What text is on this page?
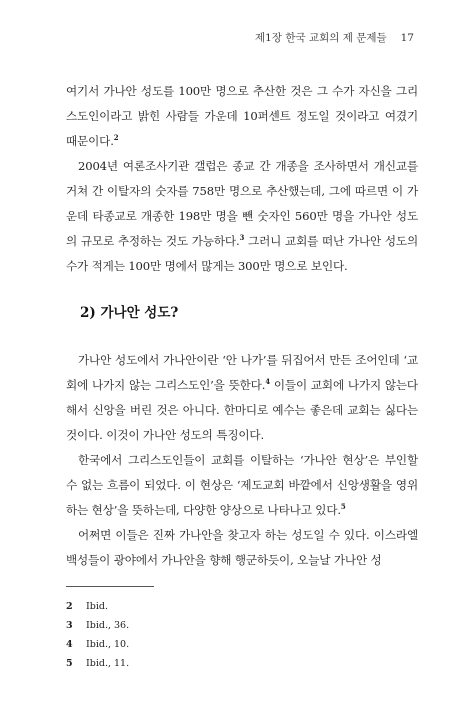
제1장 한국 교회의 제 문제들 17

여기서 가나안 성도를 100만 명으로 추산한 것은 그 수가 자신을 그리스도인이라고 밝힌 사람들 가운데 10퍼센트 정도일 것이라고 여겼기 때문이다.$^2$

2004년 여론조사기관 갤럽은 종교 간 개종을 조사하면서 개신교를 거쳐 간 이탈자의 숫자를 758만 명으로 추산했는데, 그에 따르면 이 가운데 타종교로 개종한 198만 명을 뺀 숫자인 560만 명을 가나안 성도의 규모로 추정하는 것도 가능하다.$^3$ 그러니 교회를 떠난 가나안 성도의 수가 적게는 100만 명에서 많게는 300만 명으로 보인다.

2) 가나안 성도?

가나안 성도에서 가나안이란 ‘안 나가’를 뒤집어서 만든 조어인데 ‘교회에 나가지 않는 그리스도인’을 뜻한다.$^4$ 이들이 교회에 나가지 않는다 해서 신앙을 버린 것은 아니다. 한마디로 예수는 좋은데 교회는 싫다는 것이다. 이것이 가나안 성도의 특징이다.

한국에서 그리스도인들이 교회를 이탈하는 ‘가나안 현상’은 부인할 수 없는 흐름이 되었다. 이 현상은 ‘제도교회 바깥에서 신앙생활을 영위하는 현상’을 뜻하는데, 다양한 양상으로 나타나고 있다.$^5$

어쩌면 이들은 진짜 가나안을 찾고자 하는 성도일 수 있다. 이스라엘 백성들이 광야에서 가나안을 향해 행군하듯이, 오늘날 가나안 성

2 Ibid.
3 Ibid., 36.
4 Ibid., 10.
5 Ibid., 11.
